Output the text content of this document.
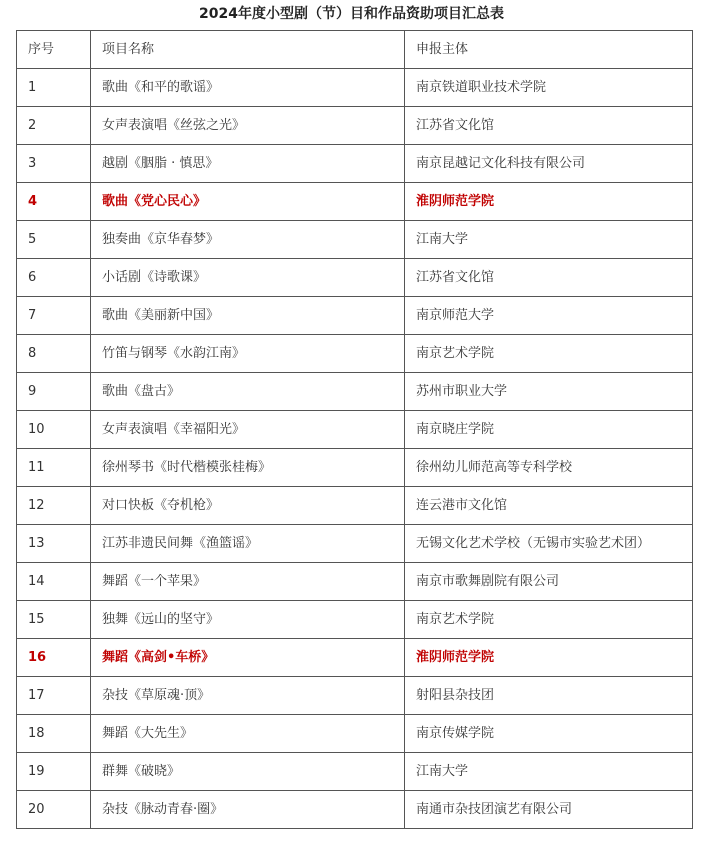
2024年度小型剧（节）目和作品资助项目汇总表
序号	项目名称	申报主体
1	歌曲《和平的歌谣》	南京铁道职业技术学院
2	女声表演唱《丝弦之光》	江苏省文化馆
3	越剧《胭脂 · 慎思》	南京昆越记文化科技有限公司
4	歌曲《党心民心》	淮阴师范学院
5	独奏曲《京华春梦》	江南大学
6	小话剧《诗歌课》	江苏省文化馆
7	歌曲《美丽新中国》	南京师范大学
8	竹笛与钢琴《水韵江南》	南京艺术学院
9	歌曲《盘古》	苏州市职业大学
10	女声表演唱《幸福阳光》	南京晓庄学院
11	徐州琴书《时代楷模张桂梅》	徐州幼儿师范高等专科学校
12	对口快板《夺机枪》	连云港市文化馆
13	江苏非遗民间舞《渔篮谣》	无锡文化艺术学校（无锡市实验艺术团）
14	舞蹈《一个苹果》	南京市歌舞剧院有限公司
15	独舞《远山的坚守》	南京艺术学院
16	舞蹈《高剑•车桥》	淮阴师范学院
17	杂技《草原魂·顶》	射阳县杂技团
18	舞蹈《大先生》	南京传媒学院
19	群舞《破晓》	江南大学
20	杂技《脉动青春·圈》	南通市杂技团演艺有限公司
